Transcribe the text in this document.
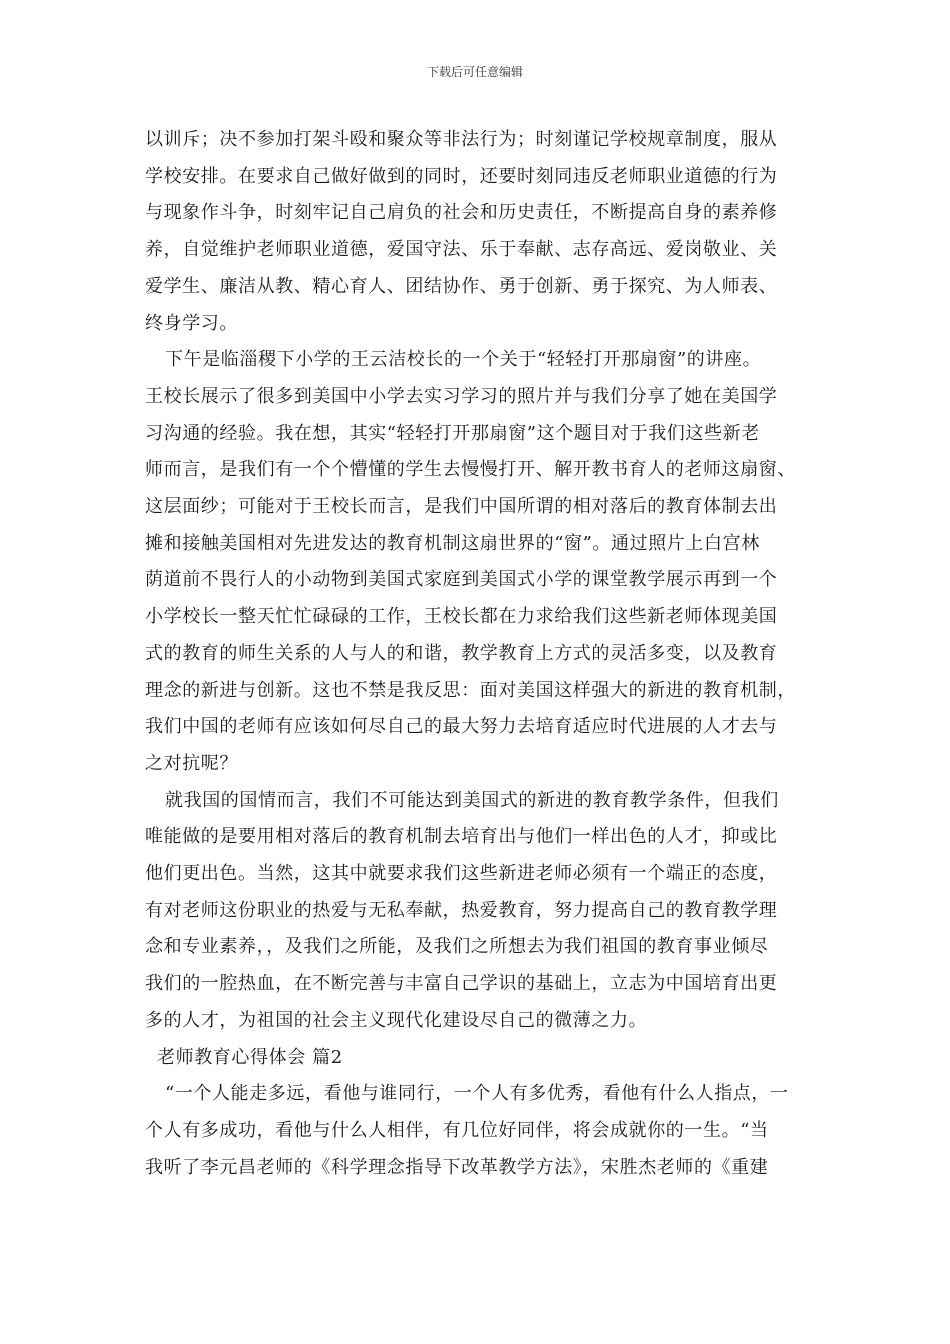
下载后可任意编辑
以训斥；决不参加打架斗殴和聚众等非法行为；时刻谨记学校规章制度，服从
学校安排。在要求自己做好做到的同时，还要时刻同违反老师职业道德的行为
与现象作斗争，时刻牢记自己肩负的社会和历史责任，不断提高自身的素养修
养，自觉维护老师职业道德，爱国守法、乐于奉献、志存高远、爱岗敬业、关
爱学生、廉洁从教、精心育人、团结协作、勇于创新、勇于探究、为人师表、
终身学习。
下午是临淄稷下小学的王云洁校长的一个关于“轻轻打开那扇窗”的讲座。
王校长展示了很多到美国中小学去实习学习的照片并与我们分享了她在美国学
习沟通的经验。我在想，其实“轻轻打开那扇窗”这个题目对于我们这些新老
师而言，是我们有一个个懵懂的学生去慢慢打开、解开教书育人的老师这扇窗、
这层面纱；可能对于王校长而言，是我们中国所谓的相对落后的教育体制去出
摊和接触美国相对先进发达的教育机制这扇世界的“窗”。通过照片上白宫林
荫道前不畏行人的小动物到美国式家庭到美国式小学的课堂教学展示再到一个
小学校长一整天忙忙碌碌的工作，王校长都在力求给我们这些新老师体现美国
式的教育的师生关系的人与人的和谐，教学教育上方式的灵活多变，以及教育
理念的新进与创新。这也不禁是我反思：面对美国这样强大的新进的教育机制，
我们中国的老师有应该如何尽自己的最大努力去培育适应时代进展的人才去与
之对抗呢？
就我国的国情而言，我们不可能达到美国式的新进的教育教学条件，但我们
唯能做的是要用相对落后的教育机制去培育出与他们一样出色的人才，抑或比
他们更出色。当然，这其中就要求我们这些新进老师必须有一个端正的态度，
有对老师这份职业的热爱与无私奉献，热爱教育，努力提高自己的教育教学理
念和专业素养，，及我们之所能，及我们之所想去为我们祖国的教育事业倾尽
我们的一腔热血，在不断完善与丰富自己学识的基础上，立志为中国培育出更
多的人才，为祖国的社会主义现代化建设尽自己的微薄之力。
老师教育心得体会 篇2
“一个人能走多远，看他与谁同行，一个人有多优秀，看他有什么人指点，一
个人有多成功，看他与什么人相伴，有几位好同伴，将会成就你的一生。“当
我听了李元昌老师的《科学理念指导下改革教学方法》，宋胜杰老师的《重建
